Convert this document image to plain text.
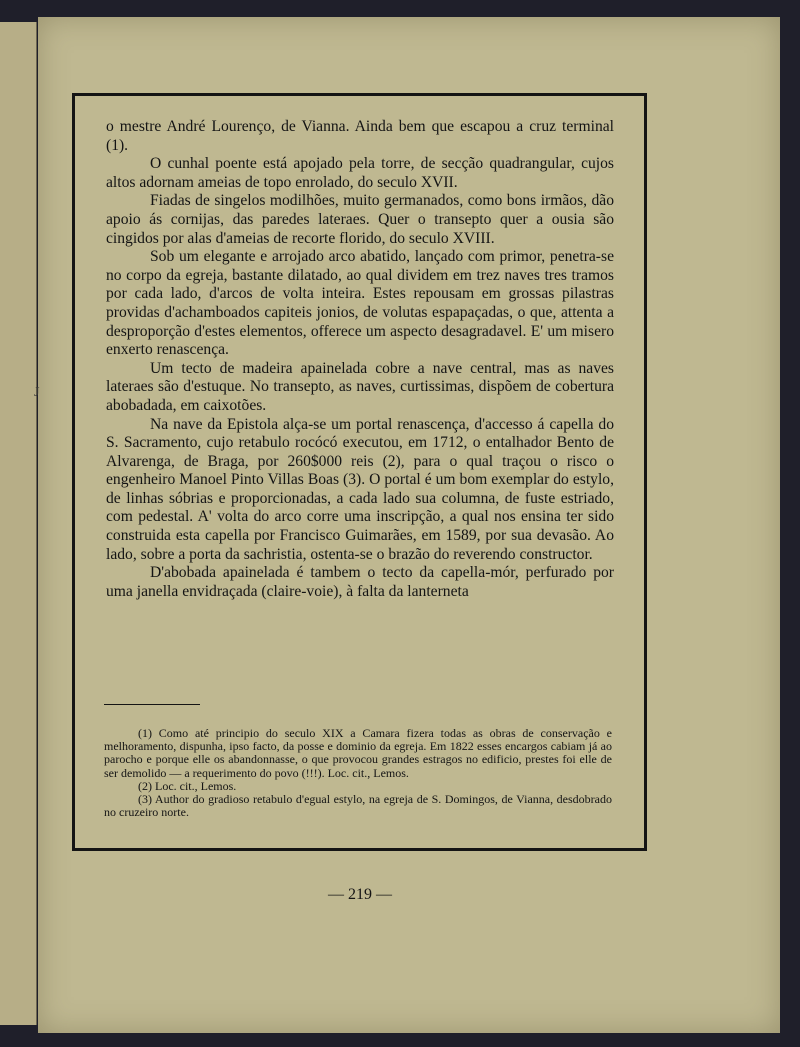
J

o mestre André Lourenço, de Vianna. Ainda bem que escapou a cruz terminal (1).

O cunhal poente está apojado pela torre, de secção quadrangular, cujos altos adornam ameias de topo enrolado, do seculo XVII.

Fiadas de singelos modilhões, muito germanados, como bons irmãos, dão apoio ás cornijas, das paredes lateraes. Quer o transepto quer a ousia são cingidos por alas d'ameias de recorte florido, do seculo XVIII.

Sob um elegante e arrojado arco abatido, lançado com primor, penetra-se no corpo da egreja, bastante dilatado, ao qual dividem em trez naves tres tramos por cada lado, d'arcos de volta inteira. Estes repousam em grossas pilastras providas d'achamboados capiteis jonios, de volutas espapaçadas, o que, attenta a desproporção d'estes elementos, offerece um aspecto desagradavel. E' um misero enxerto renascença.

Um tecto de madeira apainelada cobre a nave central, mas as naves lateraes são d'estuque. No transepto, as naves, curtissimas, dispõem de cobertura abobadada, em caixotões.

Na nave da Epistola alça-se um portal renascença, d'accesso á capella do S. Sacramento, cujo retabulo rocócó executou, em 1712, o entalhador Bento de Alvarenga, de Braga, por 260$000 reis (2), para o qual traçou o risco o engenheiro Manoel Pinto Villas Boas (3). O portal é um bom exemplar do estylo, de linhas sóbrias e proporcionadas, a cada lado sua columna, de fuste estriado, com pedestal. A' volta do arco corre uma inscripção, a qual nos ensina ter sido construida esta capella por Francisco Guimarães, em 1589, por sua devasão. Ao lado, sobre a porta da sachristia, ostenta-se o brazão do reverendo constructor.

D'abobada apainelada é tambem o tecto da capella-mór, perfurado por uma janella envidraçada (claire-voie), à falta da lanterneta

(1) Como até principio do seculo XIX a Camara fizera todas as obras de conservação e melhoramento, dispunha, ipso facto, da posse e dominio da egreja. Em 1822 esses encargos cabiam já ao parocho e porque elle os abandonnasse, o que provocou grandes estragos no edificio, prestes foi elle de ser demolido — a requerimento do povo (!!!). Loc. cit., Lemos.

(2) Loc. cit., Lemos.

(3) Author do gradioso retabulo d'egual estylo, na egreja de S. Domingos, de Vianna, desdobrado no cruzeiro norte.

— 219 —
